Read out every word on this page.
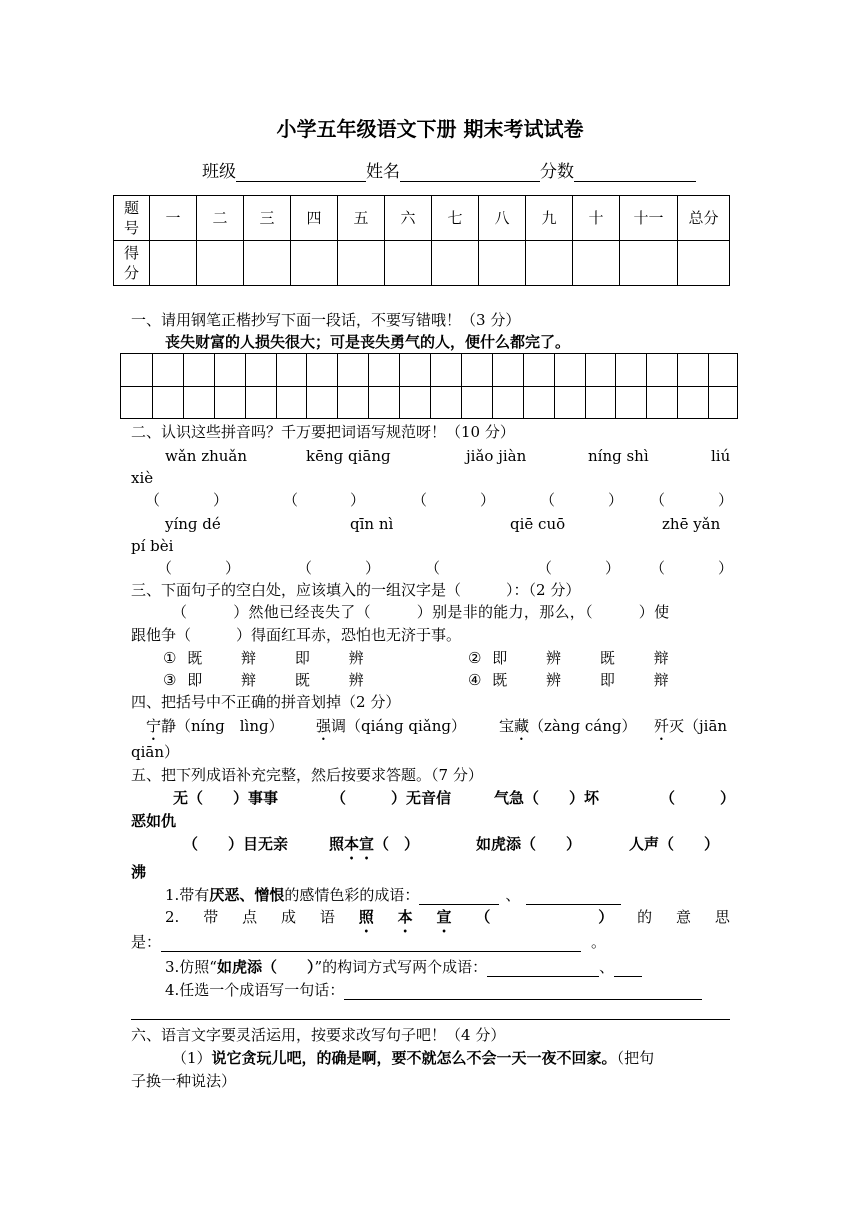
小学五年级语文下册 期末考试试卷
班级	姓名	分数
题号	一	二	三	四	五	六	七	八	九	十	十一	总分
得分												
一、请用钢笔正楷抄写下面一段话，不要写错哦！（3 分）
丧失财富的人损失很大；可是丧失勇气的人，便什么都完了。
二、认识这些拼音吗？千万要把词语写规范呀！（10 分）
wǎn zhuǎn	kēnɡ qiānɡ	jiǎo jiàn	nínɡ shì	liú
xiè
（	）	（	）	（	）	（	） （	）
yínɡ dé	qīn nì	qiē cuō	zhē yǎn
pí bèi
（	）	（	）	（	（	） （	）
三、下面句子的空白处，应该填入的一组汉字是（　　　）：（2 分）
（　　　）然他已经丧失了（　　　）别是非的能力，那么，（　　　）使
跟他争（　　　）得面红耳赤，恐怕也无济于事。
① 既	辩	即	辨	② 即	辨	既	辩
③ 即	辩	既	辨	④ 既	辨	即	辩
四、把括号中不正确的拼音划掉（2 分）
宁静（nínɡ　lìnɡ） 强调（qiánɡ qiǎnɡ） 宝藏（zànɡ cánɡ） 歼灭（jiān
qiān）
五、把下列成语补充完整，然后按要求答题。（7 分）
无（　　）事事	（　　　）无音信	气急（　　）坏	（　　　）
恶如仇
（　　）目无亲	照本宣（　）	如虎添（　　）	人声（　　）
沸
1.带有厌恶、憎恨的感情色彩的成语：	、
2. 带 点 成 语 照 本 宣 （	） 的 意 思
是：	。
3.仿照“如虎添（　　）”的构词方式写两个成语：	、
4.任选一个成语写一句话：
六、语言文字要灵活运用，按要求改写句子吧！（4 分）
（1）说它贪玩儿吧，的确是啊，要不就怎么不会一天一夜不回家。（把句
子换一种说法）
